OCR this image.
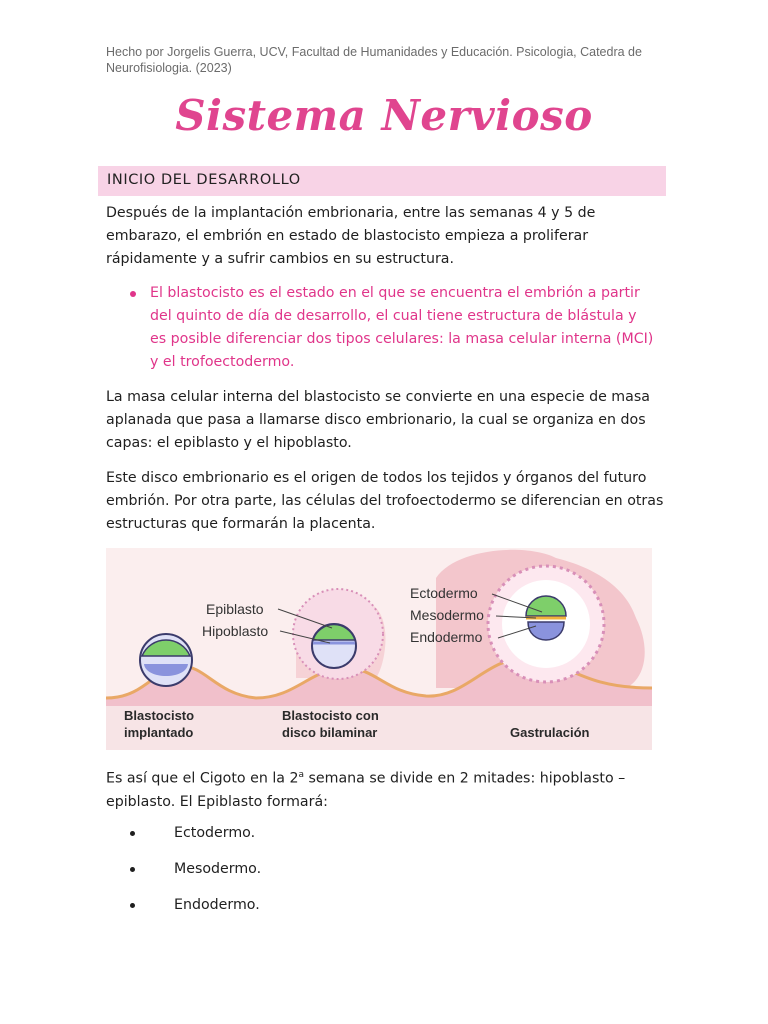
Hecho por Jorgelis Guerra, UCV, Facultad de Humanidades y Educación. Psicologia, Catedra de Neurofisiologia. (2023)
Sistema Nervioso
INICIO DEL DESARROLLO
Después de la implantación embrionaria, entre las semanas 4 y 5 de embarazo, el embrión en estado de blastocisto empieza a proliferar rápidamente y a sufrir cambios en su estructura.
El blastocisto es el estado en el que se encuentra el embrión a partir del quinto de día de desarrollo, el cual tiene estructura de blástula y es posible diferenciar dos tipos celulares: la masa celular interna (MCI) y el trofoectodermo.
La masa celular interna del blastocisto se convierte en una especie de masa aplanada que pasa a llamarse disco embrionario, la cual se organiza en dos capas: el epiblasto y el hipoblasto.
Este disco embrionario es el origen de todos los tejidos y órganos del futuro embrión. Por otra parte, las células del trofoectodermo se diferencian en otras estructuras que formarán la placenta.
Epiblasto
Hipoblasto
Ectodermo
Mesodermo
Endodermo
Blastocisto
implantado
Blastocisto con
disco bilaminar	Gastrulación
Es así que el Cigoto en la 2$^a$ semana se divide en 2 mitades: hipoblasto – epiblasto. El Epiblasto formará:
Ectodermo.
Mesodermo.
Endodermo.
